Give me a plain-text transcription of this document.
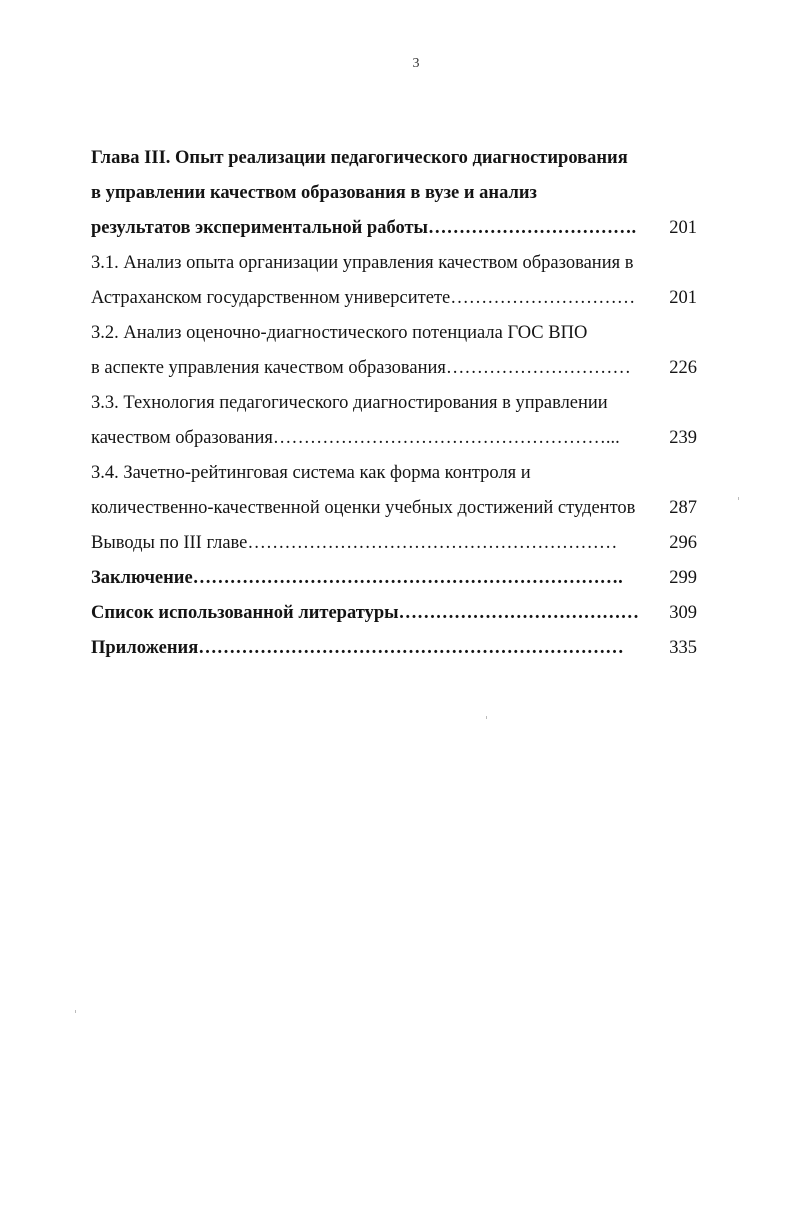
3
Глава III. Опыт реализации педагогического диагностирования
в управлении качеством образования в вузе и анализ
результатов экспериментальной работы……………………………. 201
3.1. Анализ опыта организации управления качеством образования в
Астраханском государственном университете………………………… 201
3.2. Анализ оценочно-диагностического потенциала ГОС ВПО
в аспекте управления качеством образования………………………… 226
3.3. Технология педагогического диагностирования в управлении
качеством образования………………………………………………...	239
3.4. Зачетно-рейтинговая система как форма контроля и
количественно-качественной оценки учебных достижений студентов 287
Выводы по III главе……………………………………………………	296
Заключение…………………………………………………………….	299
Список использованной литературы………………………………… 309
Приложения…………………………………………………………… 335
